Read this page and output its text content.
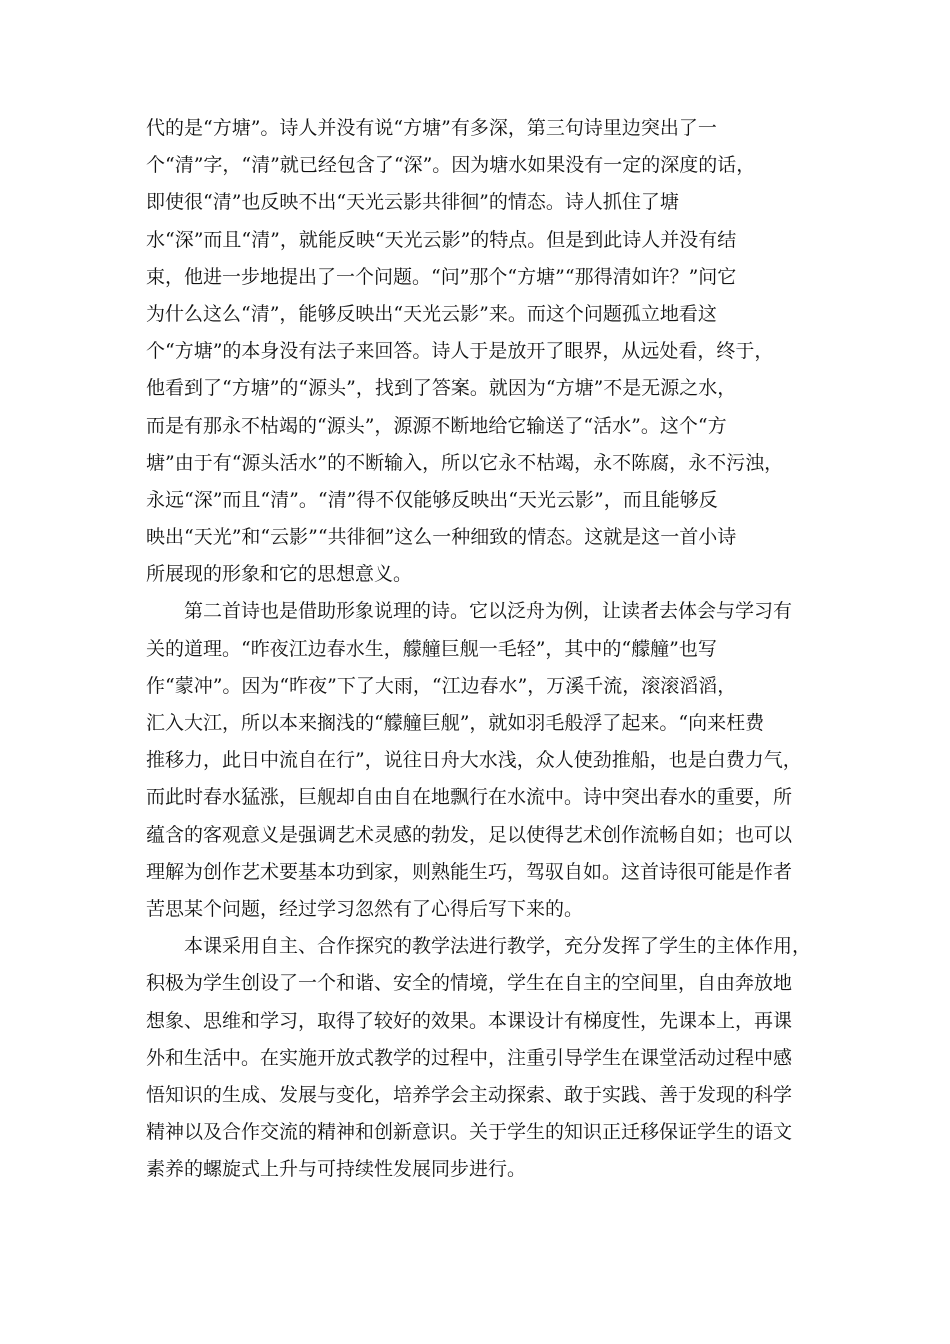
代的是“方塘”。诗人并没有说“方塘”有多深，第三句诗里边突出了一
个“清”字，“清”就已经包含了“深”。因为塘水如果没有一定的深度的话，
即使很“清”也反映不出“天光云影共徘徊”的情态。诗人抓住了塘
水“深”而且“清”，就能反映“天光云影”的特点。但是到此诗人并没有结
束，他进一步地提出了一个问题。“问”那个“方塘”“那得清如许？”问它
为什么这么“清”，能够反映出“天光云影”来。而这个问题孤立地看这
个“方塘”的本身没有法子来回答。诗人于是放开了眼界，从远处看，终于，
他看到了“方塘”的“源头”，找到了答案。就因为“方塘”不是无源之水，
而是有那永不枯竭的“源头”，源源不断地给它输送了“活水”。这个“方
塘”由于有“源头活水”的不断输入，所以它永不枯竭，永不陈腐，永不污浊，
永远“深”而且“清”。“清”得不仅能够反映出“天光云影”，而且能够反
映出“天光”和“云影”“共徘徊”这么一种细致的情态。这就是这一首小诗
所展现的形象和它的思想意义。
第二首诗也是借助形象说理的诗。它以泛舟为例，让读者去体会与学习有
关的道理。“昨夜江边春水生，艨艟巨舰一毛轻”，其中的“艨艟”也写
作“蒙冲”。因为“昨夜”下了大雨，“江边春水”，万溪千流，滚滚滔滔，
汇入大江，所以本来搁浅的“艨艟巨舰”，就如羽毛般浮了起来。“向来枉费
推移力，此日中流自在行”，说往日舟大水浅，众人使劲推船，也是白费力气，
而此时春水猛涨，巨舰却自由自在地飘行在水流中。诗中突出春水的重要，所
蕴含的客观意义是强调艺术灵感的勃发，足以使得艺术创作流畅自如；也可以
理解为创作艺术要基本功到家，则熟能生巧，驾驭自如。这首诗很可能是作者
苦思某个问题，经过学习忽然有了心得后写下来的。
本课采用自主、合作探究的教学法进行教学，充分发挥了学生的主体作用，
积极为学生创设了一个和谐、安全的情境，学生在自主的空间里，自由奔放地
想象、思维和学习，取得了较好的效果。本课设计有梯度性，先课本上，再课
外和生活中。在实施开放式教学的过程中，注重引导学生在课堂活动过程中感
悟知识的生成、发展与变化，培养学会主动探索、敢于实践、善于发现的科学
精神以及合作交流的精神和创新意识。关于学生的知识正迁移保证学生的语文
素养的螺旋式上升与可持续性发展同步进行。
